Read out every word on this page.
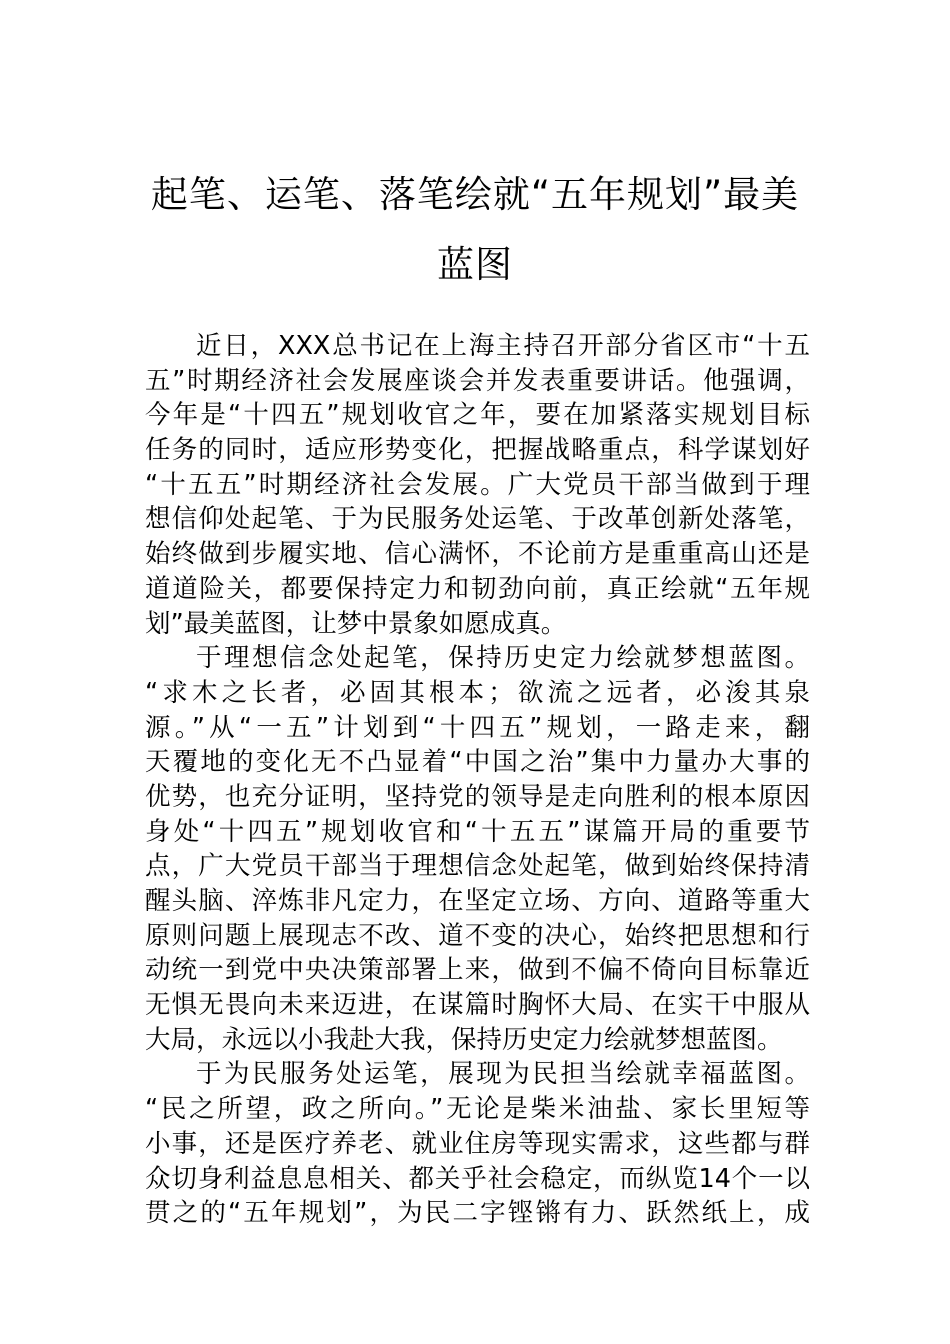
起笔、运笔、落笔绘就“五年规划”最美
蓝图
近日，XXX总书记在上海主持召开部分省区市“十五
五”时期经济社会发展座谈会并发表重要讲话。他强调，
今年是“十四五”规划收官之年，要在加紧落实规划目标
任务的同时，适应形势变化，把握战略重点，科学谋划好
“十五五”时期经济社会发展。广大党员干部当做到于理
想信仰处起笔、于为民服务处运笔、于改革创新处落笔，
始终做到步履实地、信心满怀，不论前方是重重高山还是
道道险关，都要保持定力和韧劲向前，真正绘就“五年规
划”最美蓝图，让梦中景象如愿成真。
于理想信念处起笔，保持历史定力绘就梦想蓝图。
“求木之长者，必固其根本；欲流之远者，必浚其泉
源。”从“一五”计划到“十四五”规划，一路走来，翻
天覆地的变化无不凸显着“中国之治”集中力量办大事的
优势，也充分证明，坚持党的领导是走向胜利的根本原因
身处“十四五”规划收官和“十五五”谋篇开局的重要节
点，广大党员干部当于理想信念处起笔，做到始终保持清
醒头脑、淬炼非凡定力，在坚定立场、方向、道路等重大
原则问题上展现志不改、道不变的决心，始终把思想和行
动统一到党中央决策部署上来，做到不偏不倚向目标靠近
无惧无畏向未来迈进，在谋篇时胸怀大局、在实干中服从
大局，永远以小我赴大我，保持历史定力绘就梦想蓝图。
于为民服务处运笔，展现为民担当绘就幸福蓝图。
“民之所望，政之所向。”无论是柴米油盐、家长里短等
小事，还是医疗养老、就业住房等现实需求，这些都与群
众切身利益息息相关、都关乎社会稳定，而纵览14个一以
贯之的“五年规划”，为民二字铿锵有力、跃然纸上，成
